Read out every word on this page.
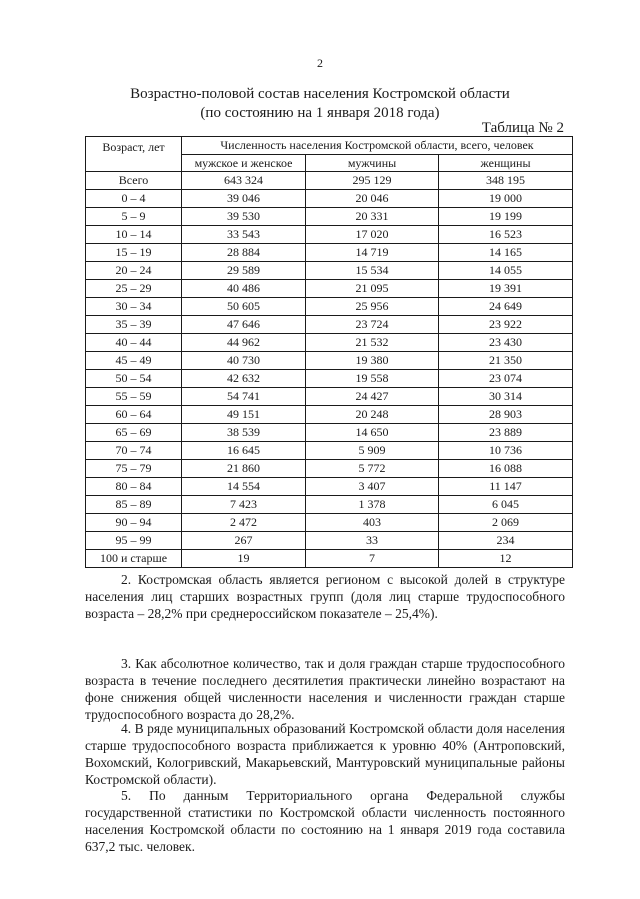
2
Возрастно-половой состав населения Костромской области
(по состоянию на 1 января 2018 года)
Таблица № 2
Возраст, лет	Численность населения Костромской области, всего, человек		
	мужское и женское	мужчины	женщины
Всего	643 324	295 129	348 195
0 – 4	39 046	20 046	19 000
5 – 9	39 530	20 331	19 199
10 – 14	33 543	17 020	16 523
15 – 19	28 884	14 719	14 165
20 – 24	29 589	15 534	14 055
25 – 29	40 486	21 095	19 391
30 – 34	50 605	25 956	24 649
35 – 39	47 646	23 724	23 922
40 – 44	44 962	21 532	23 430
45 – 49	40 730	19 380	21 350
50 – 54	42 632	19 558	23 074
55 – 59	54 741	24 427	30 314
60 – 64	49 151	20 248	28 903
65 – 69	38 539	14 650	23 889
70 – 74	16 645	5 909	10 736
75 – 79	21 860	5 772	16 088
80 – 84	14 554	3 407	11 147
85 – 89	7 423	1 378	6 045
90 – 94	2 472	403	2 069
95 – 99	267	33	234
100 и старше	19	7	12
2. Костромская область является регионом с высокой долей в структуре населения лиц старших возрастных групп (доля лиц старше трудоспособного возраста – 28,2% при среднероссийском показателе – 25,4%).
3. Как абсолютное количество, так и доля граждан старше трудоспособного возраста в течение последнего десятилетия практически линейно возрастают на фоне снижения общей численности населения и численности граждан старше трудоспособного возраста до 28,2%.
4. В ряде муниципальных образований Костромской области доля населения старше трудоспособного возраста приближается к уровню 40% (Антроповский, Вохомский, Кологривский, Макарьевский, Мантуровский муниципальные районы Костромской области).
5. По данным Территориального органа Федеральной службы государственной статистики по Костромской области численность постоянного населения Костромской области по состоянию на 1 января 2019 года составила 637,2 тыс. человек.
